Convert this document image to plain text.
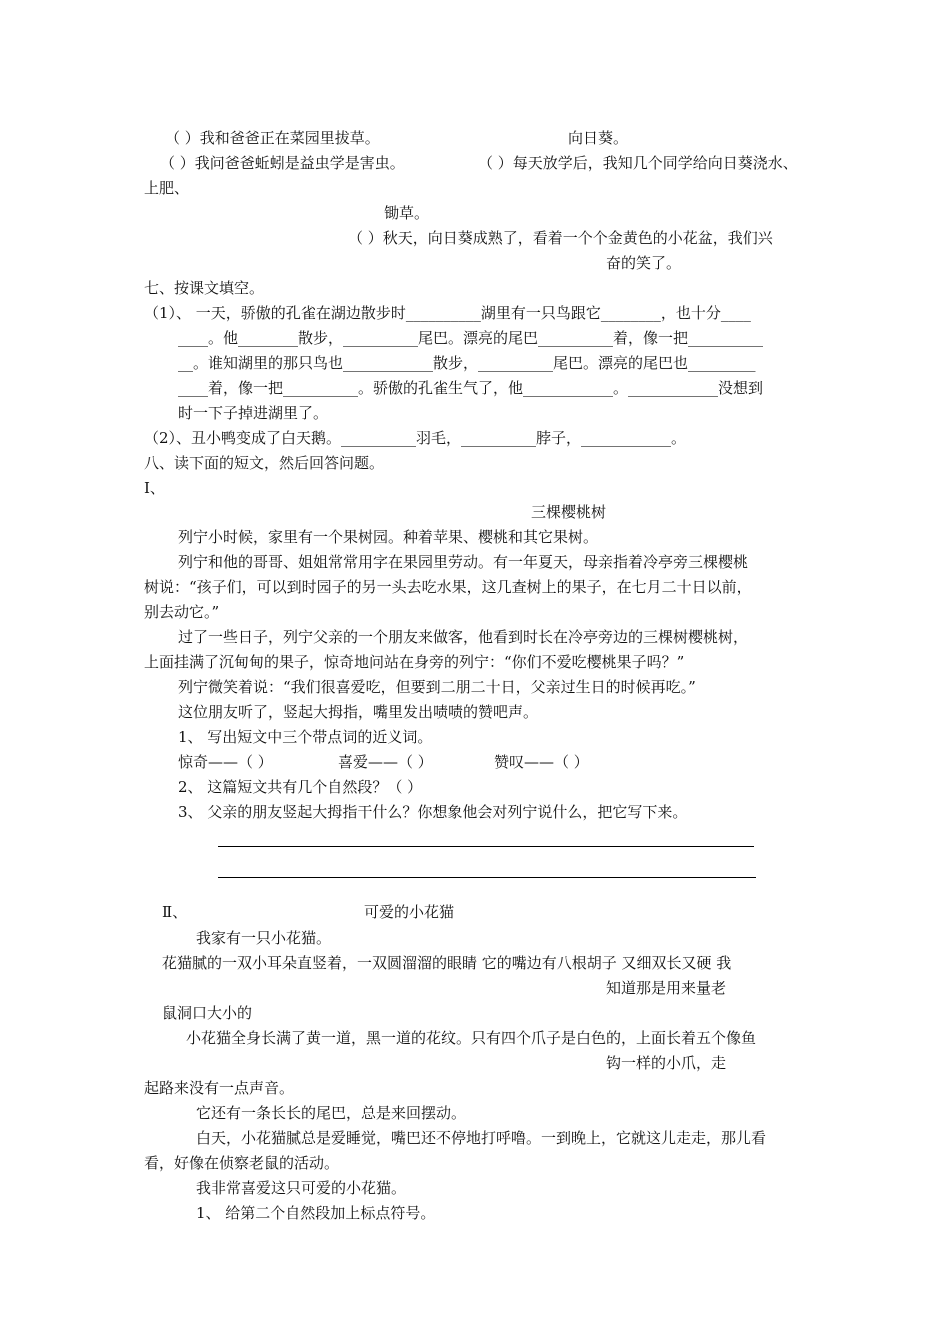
（ ）我和爸爸正在菜园里拔草。	向日葵。
（ ）我问爸爸蚯蚓是益虫学是害虫。	（ ）每天放学后，我知几个同学给向日葵浇水、
上肥、
锄草。
（ ）秋天，向日葵成熟了，看着一个个金黄色的小花盆，我们兴
奋的笑了。
七、按课文填空。
（1）、 一天，骄傲的孔雀在湖边散步时__________湖里有一只鸟跟它________，也十分____
____。他________散步，__________尾巴。漂亮的尾巴__________着，像一把__________
__。谁知湖里的那只鸟也____________散步，__________尾巴。漂亮的尾巴也_________
____着，像一把__________。骄傲的孔雀生气了，他____________。____________没想到
时一下子掉进湖里了。
（2）、丑小鸭变成了白天鹅。__________羽毛，__________脖子，____________。
八、读下面的短文，然后回答问题。
Ⅰ、
三棵樱桃树
列宁小时候，家里有一个果树园。种着苹果、樱桃和其它果树。
列宁和他的哥哥、姐姐常常用字在果园里劳动。有一年夏天，母亲指着冷亭旁三棵樱桃
树说：“孩子们，可以到时园子的另一头去吃水果，这几查树上的果子，在七月二十日以前，
别去动它。”
过了一些日子，列宁父亲的一个朋友来做客，他看到时长在冷亭旁边的三棵树樱桃树，
上面挂满了沉甸甸的果子，惊奇地问站在身旁的列宁：“你们不爱吃樱桃果子吗？”
列宁微笑着说：“我们很喜爱吃，但要到二朋二十日，父亲过生日的时候再吃。”
这位朋友听了，竖起大拇指，嘴里发出啧啧的赞吧声。
1、 写出短文中三个带点词的近义词。
惊奇——（ ）	喜爱——（ ）	赞叹——（ ）
2、 这篇短文共有几个自然段？（ ）
3、 父亲的朋友竖起大拇指干什么？你想象他会对列宁说什么，把它写下来。
Ⅱ、	可爱的小花猫
我家有一只小花猫。
花猫腻的一双小耳朵直竖着，一双圆溜溜的眼睛 它的嘴边有八根胡子 又细双长又硬 我
知道那是用来量老
鼠洞口大小的
小花猫全身长满了黄一道，黑一道的花纹。只有四个爪子是白色的，上面长着五个像鱼
钩一样的小爪，走
起路来没有一点声音。
它还有一条长长的尾巴，总是来回摆动。
白天，小花猫腻总是爱睡觉，嘴巴还不停地打呼噜。一到晚上，它就这儿走走，那儿看
看，好像在侦察老鼠的活动。
我非常喜爱这只可爱的小花猫。
1、 给第二个自然段加上标点符号。
